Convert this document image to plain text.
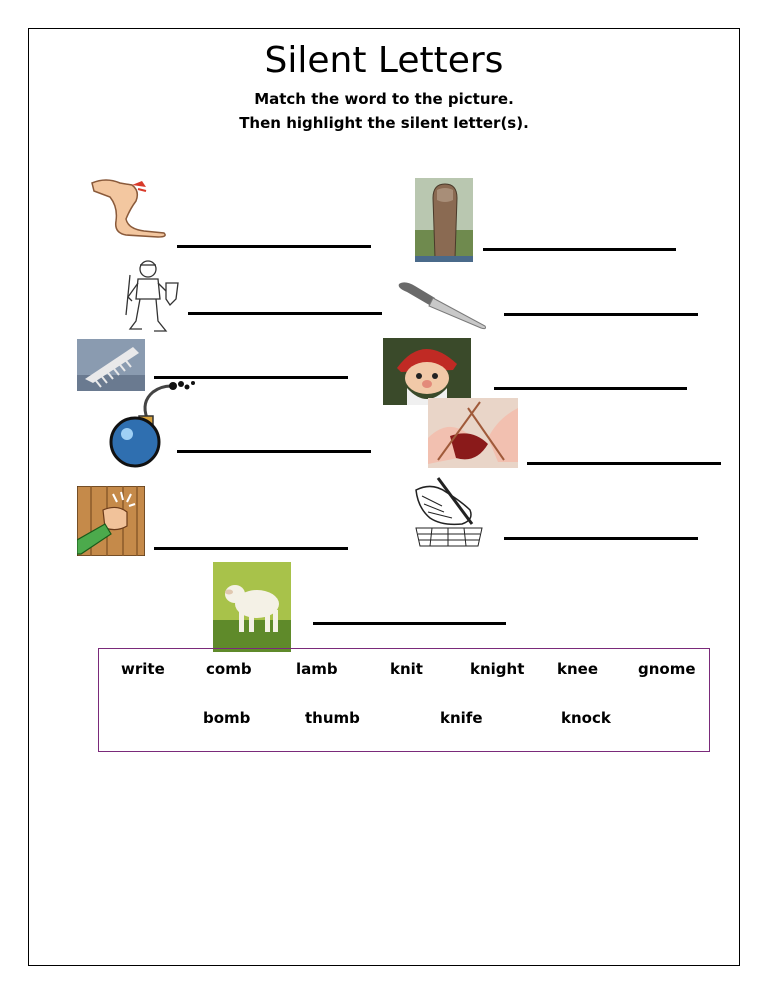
Silent Letters
Match the word to the picture.
Then highlight the silent letter(s).
write	comb	lamb	knit	knight knee	gnome
bomb	thumb	knife	knock
